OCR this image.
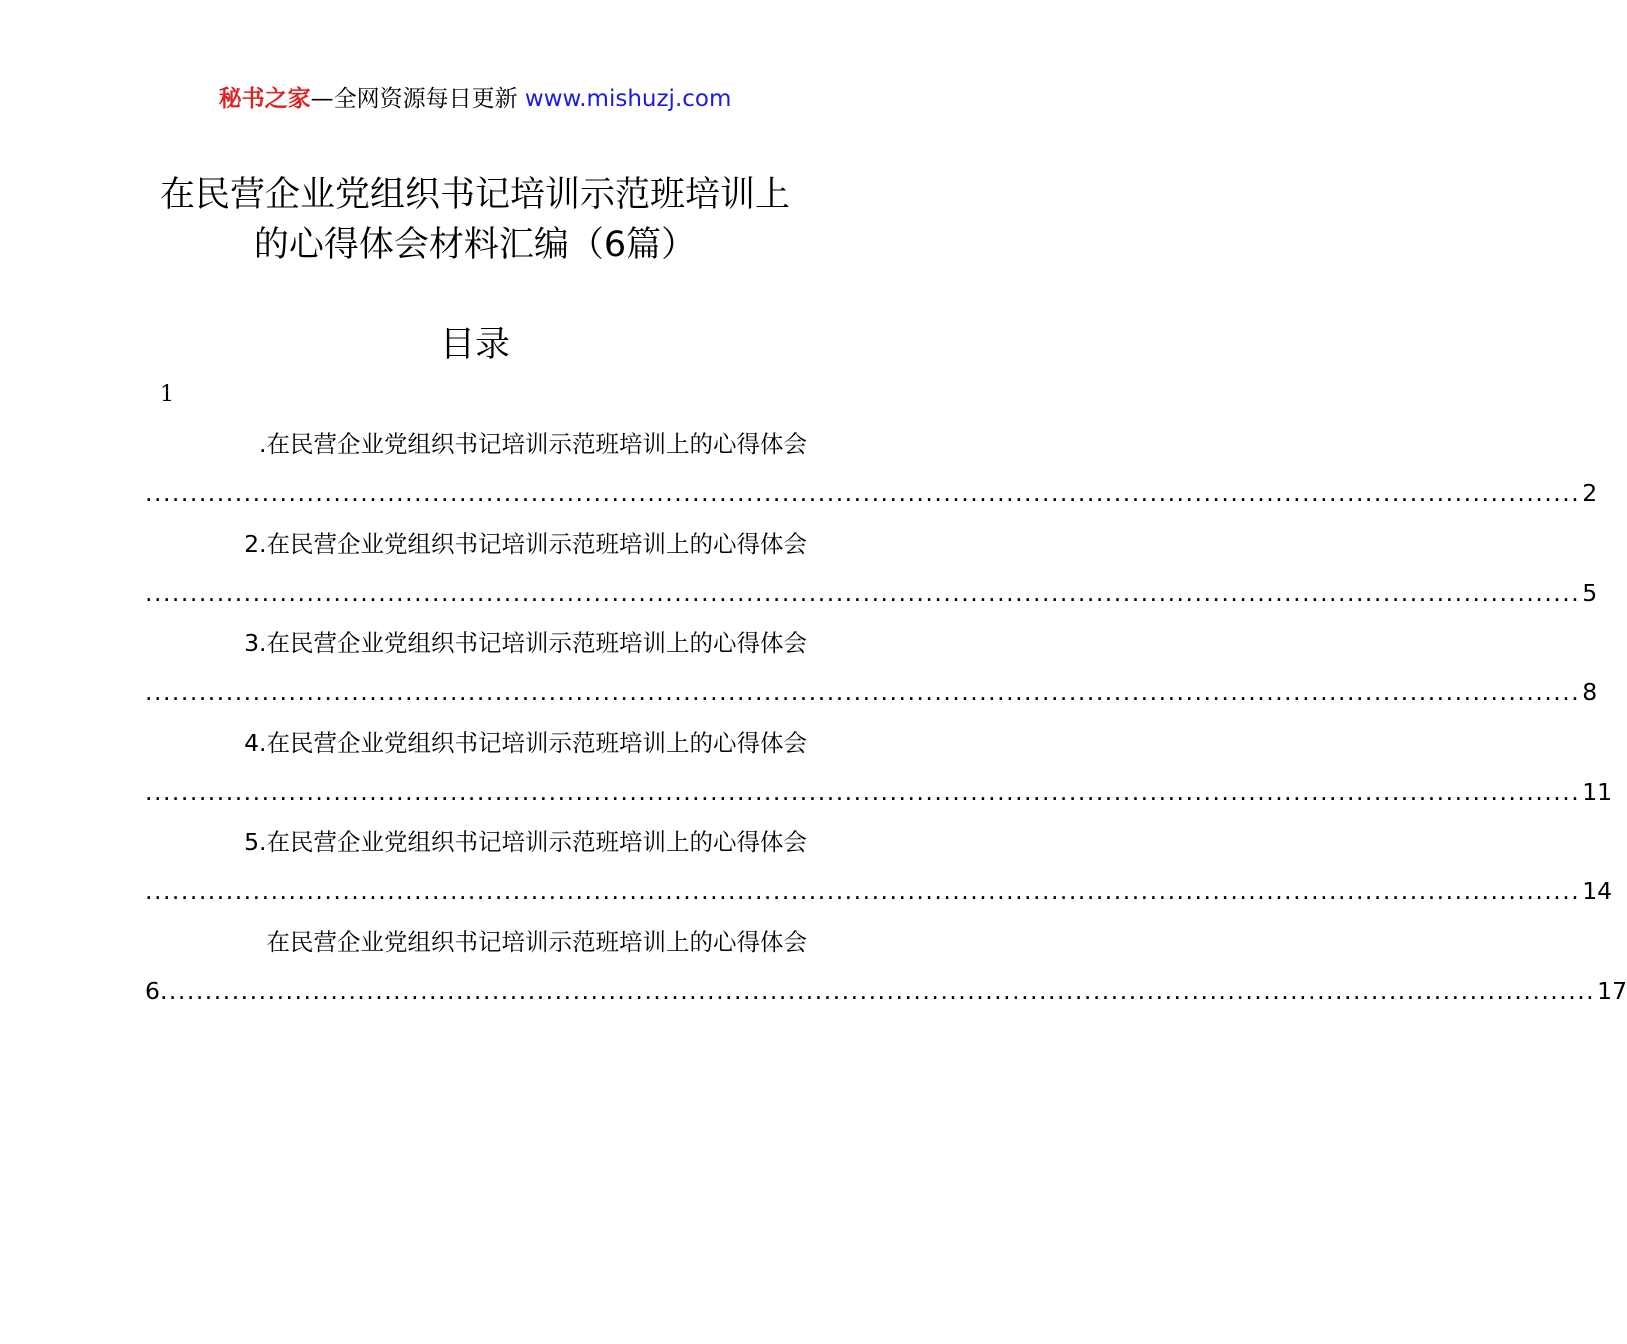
秘书之家—全网资源每日更新 www.mishuzj.com
在民营企业党组织书记培训示范班培训上
的心得体会材料汇编（6篇）
目录
1
.在民营企业党组织书记培训示范班培训上的心得体会
................................................................................................................................................................ 2
2.在民营企业党组织书记培训示范班培训上的心得体会
................................................................................................................................................................ 5
3.在民营企业党组织书记培训示范班培训上的心得体会
................................................................................................................................................................ 8
4.在民营企业党组织书记培训示范班培训上的心得体会
................................................................................................................................................................ 11
5.在民营企业党组织书记培训示范班培训上的心得体会
................................................................................................................................................................ 14
在民营企业党组织书记培训示范班培训上的心得体会
6 ................................................................................................................................................................ 17
